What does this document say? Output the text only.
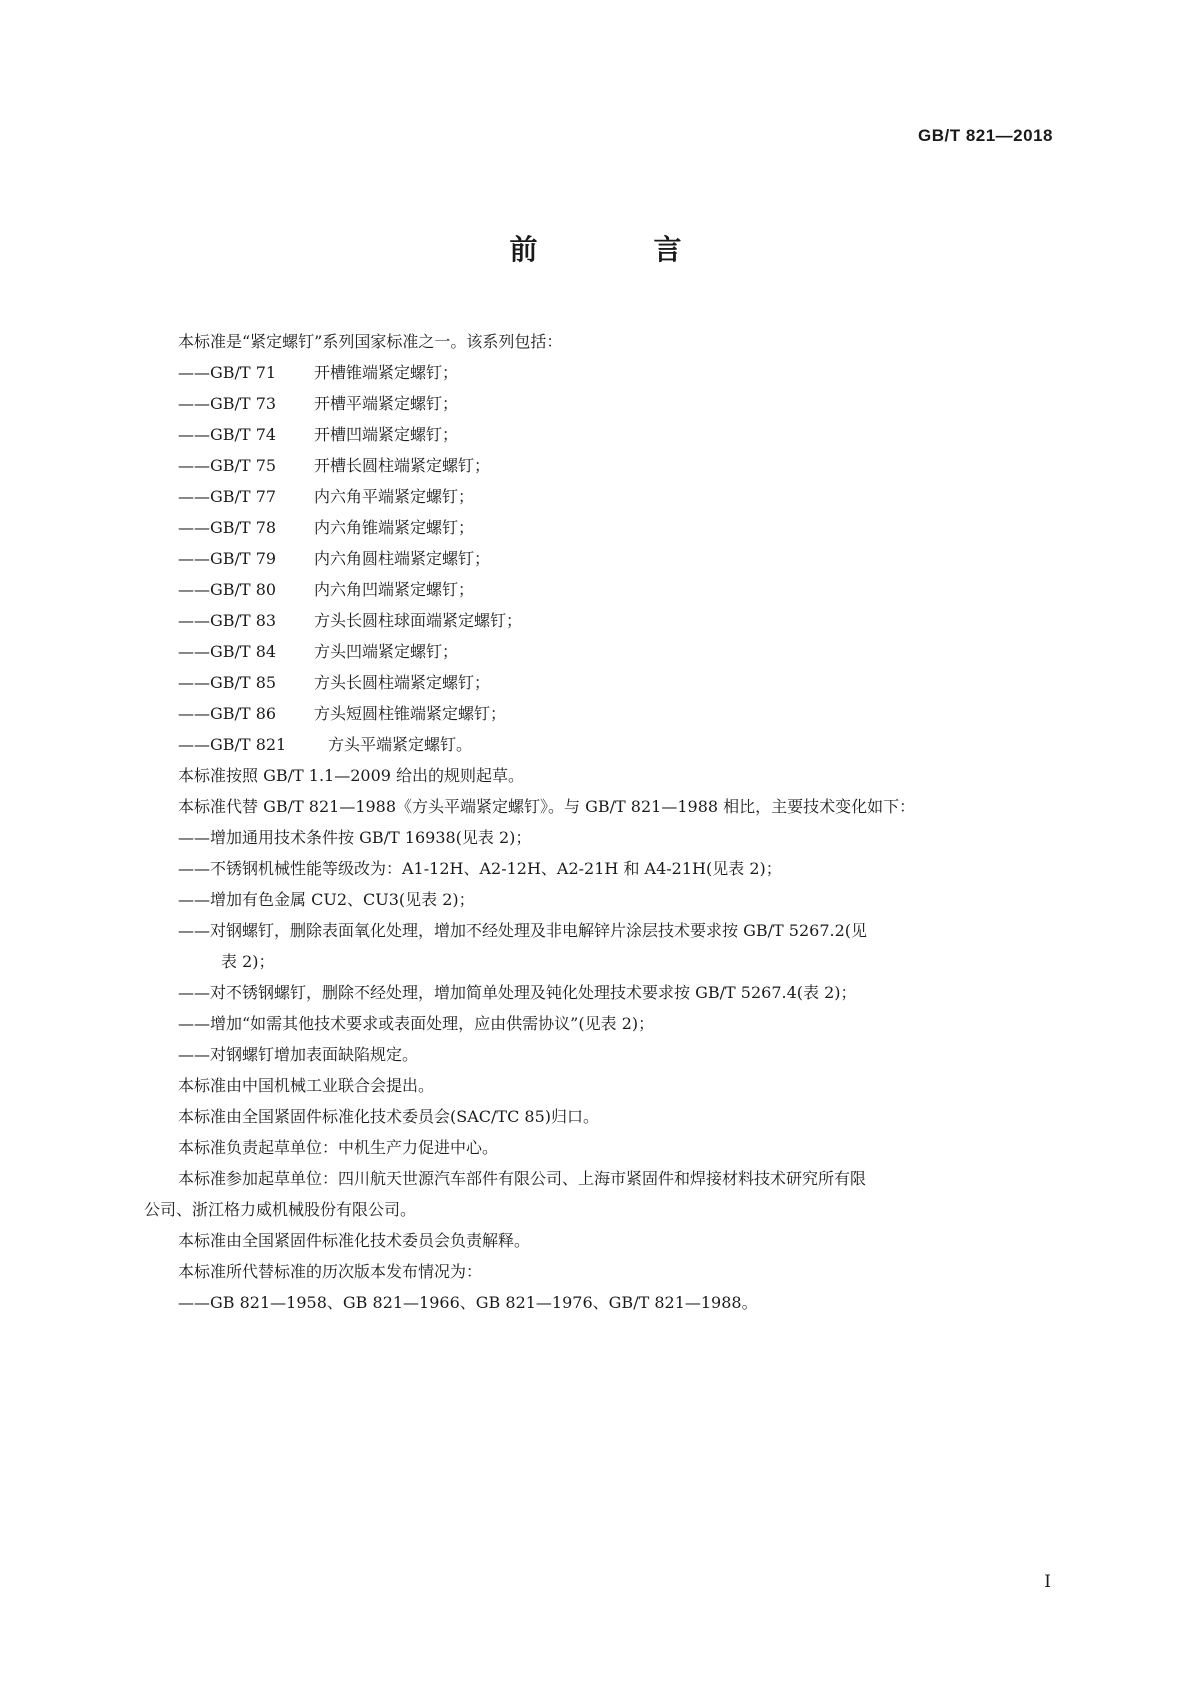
GB/T 821—2018
前　言
本标准是“紧定螺钉”系列国家标准之一。该系列包括：
——GB/T 71 开槽锥端紧定螺钉；
——GB/T 73 开槽平端紧定螺钉；
——GB/T 74 开槽凹端紧定螺钉；
——GB/T 75 开槽长圆柱端紧定螺钉；
——GB/T 77 内六角平端紧定螺钉；
——GB/T 78 内六角锥端紧定螺钉；
——GB/T 79 内六角圆柱端紧定螺钉；
——GB/T 80 内六角凹端紧定螺钉；
——GB/T 83 方头长圆柱球面端紧定螺钉；
——GB/T 84 方头凹端紧定螺钉；
——GB/T 85 方头长圆柱端紧定螺钉；
——GB/T 86 方头短圆柱锥端紧定螺钉；
——GB/T 821	方头平端紧定螺钉。
本标准按照 GB/T 1.1—2009 给出的规则起草。
本标准代替 GB/T 821—1988《方头平端紧定螺钉》。与 GB/T 821—1988 相比，主要技术变化如下：
——增加通用技术条件按 GB/T 16938(见表 2)；
——不锈钢机械性能等级改为：A1-12H、A2-12H、A2-21H 和 A4-21H(见表 2)；
——增加有色金属 CU2、CU3(见表 2)；
——对钢螺钉，删除表面氧化处理，增加不经处理及非电解锌片涂层技术要求按 GB/T 5267.2(见
表 2)；
——对不锈钢螺钉，删除不经处理，增加简单处理及钝化处理技术要求按 GB/T 5267.4(表 2)；
——增加“如需其他技术要求或表面处理，应由供需协议”(见表 2)；
——对钢螺钉增加表面缺陷规定。
本标准由中国机械工业联合会提出。
本标准由全国紧固件标准化技术委员会(SAC/TC 85)归口。
本标准负责起草单位：中机生产力促进中心。
本标准参加起草单位：四川航天世源汽车部件有限公司、上海市紧固件和焊接材料技术研究所有限
公司、浙江格力威机械股份有限公司。
本标准由全国紧固件标准化技术委员会负责解释。
本标准所代替标准的历次版本发布情况为：
——GB 821—1958、GB 821—1966、GB 821—1976、GB/T 821—1988。
I
